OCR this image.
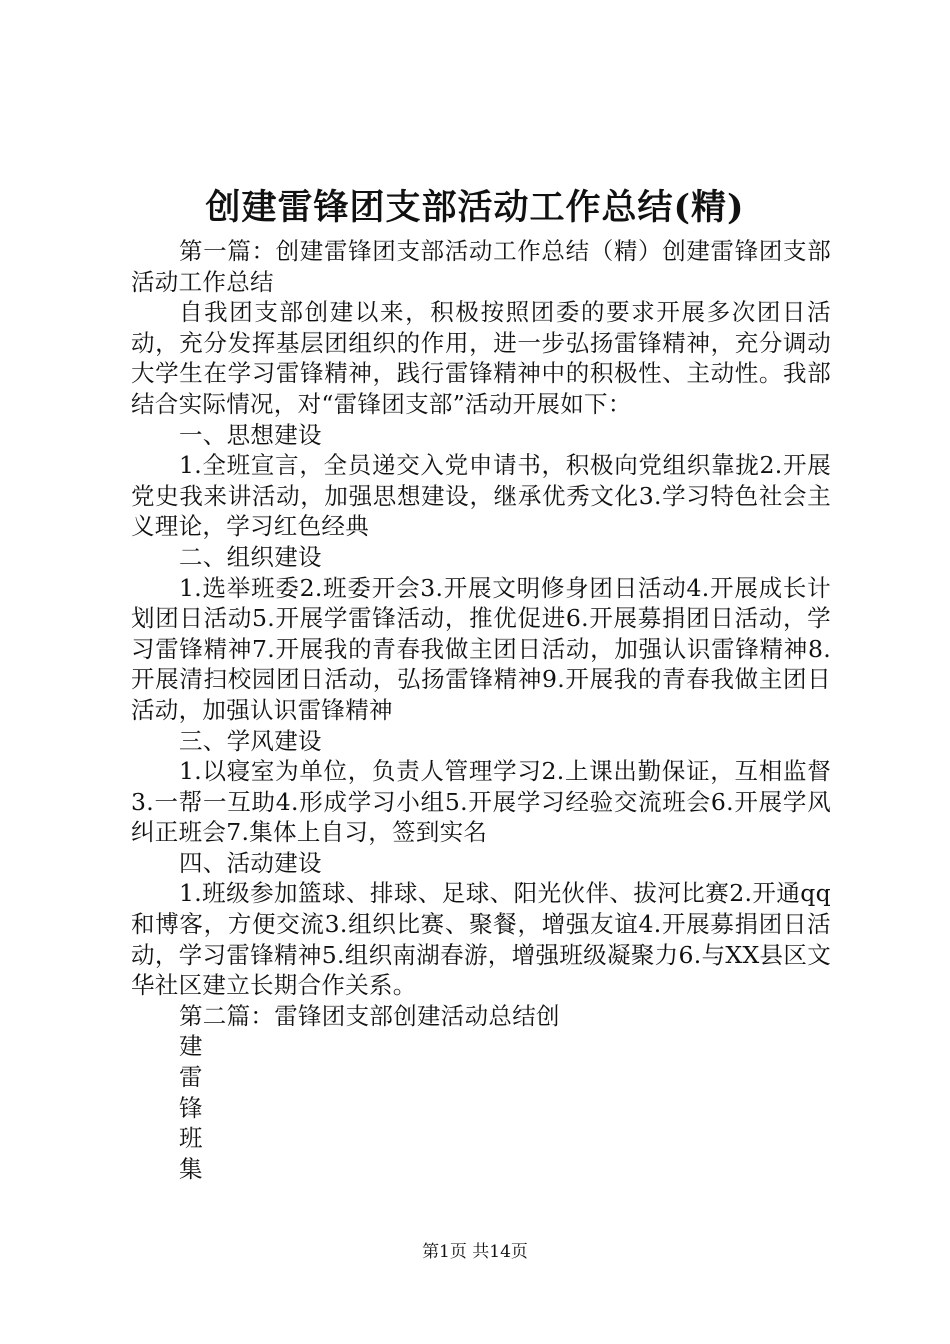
创建雷锋团支部活动工作总结(精)

第一篇：创建雷锋团支部活动工作总结（精）创建雷锋团支部活动工作总结

自我团支部创建以来，积极按照团委的要求开展多次团日活动，充分发挥基层团组织的作用，进一步弘扬雷锋精神，充分调动大学生在学习雷锋精神，践行雷锋精神中的积极性、主动性。我部结合实际情况，对“雷锋团支部”活动开展如下：

一、思想建设

1.全班宣言，全员递交入党申请书，积极向党组织靠拢2.开展党史我来讲活动，加强思想建设，继承优秀文化3.学习特色社会主义理论，学习红色经典

二、组织建设

1.选举班委2.班委开会3.开展文明修身团日活动4.开展成长计划团日活动5.开展学雷锋活动，推优促进6.开展募捐团日活动，学习雷锋精神7.开展我的青春我做主团日活动，加强认识雷锋精神8.开展清扫校园团日活动，弘扬雷锋精神9.开展我的青春我做主团日活动，加强认识雷锋精神

三、学风建设

1.以寝室为单位，负责人管理学习2.上课出勤保证，互相监督3.一帮一互助4.形成学习小组5.开展学习经验交流班会6.开展学风纠正班会7.集体上自习，签到实名

四、活动建设

1.班级参加篮球、排球、足球、阳光伙伴、拔河比赛2.开通qq和博客，方便交流3.组织比赛、聚餐，增强友谊4.开展募捐团日活动，学习雷锋精神5.组织南湖春游，增强班级凝聚力6.与XX县区文华社区建立长期合作关系。

第二篇：雷锋团支部创建活动总结创

建
雷
锋
班
集
第1页 共14页
